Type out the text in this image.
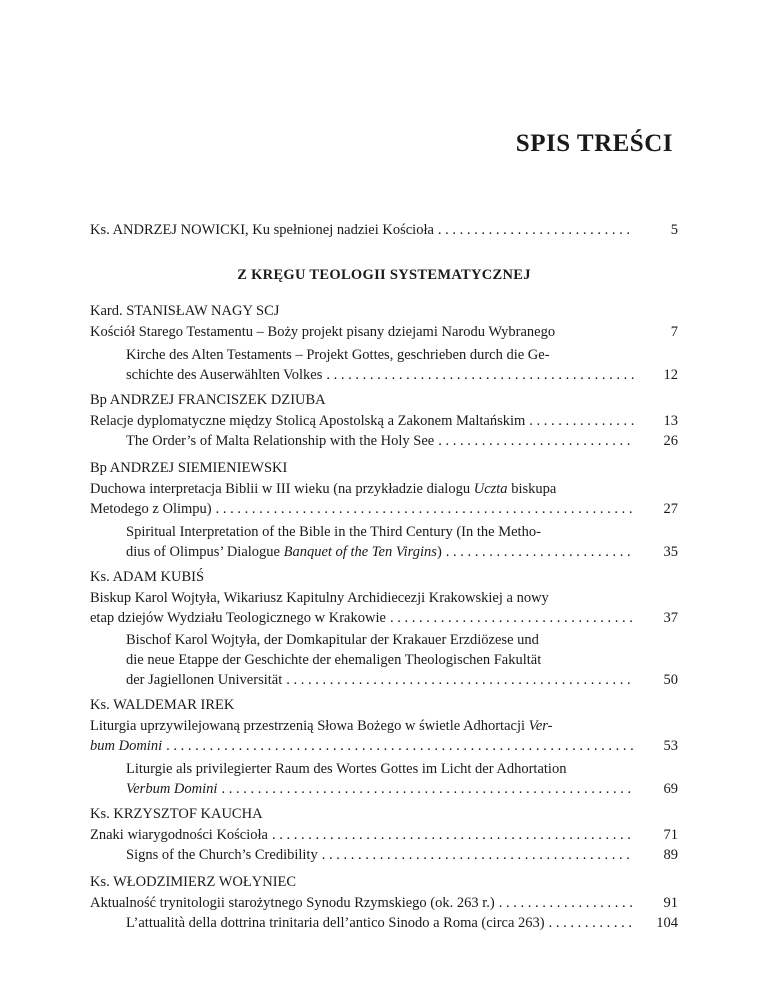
SPIS TREŚCI
Ks. ANDRZEJ NOWICKI, Ku spełnionej nadziei Kościoła . . .	5
Z KRĘGU TEOLOGII SYSTEMATYCZNEJ
Kard. STANISŁAW NAGY SCJ
Kościół Starego Testamentu – Boży projekt pisany dziejami Narodu Wybranego	7
Kirche des Alten Testaments – Projekt Gottes, geschrieben durch die Ge-
schichte des Auserwählten Volkes . . .	12
Bp ANDRZEJ FRANCISZEK DZIUBA
Relacje dyplomatyczne między Stolicą Apostolską a Zakonem Maltańskim . . .	13
The Order’s of Malta Relationship with the Holy See . . .	26
Bp ANDRZEJ SIEMIENIEWSKI
Duchowa interpretacja Biblii w III wieku (na przykładzie dialogu Uczta biskupa
Metodego z Olimpu) . . .	27
Spiritual Interpretation of the Bible in the Third Century (In the Metho-
dius of Olimpus’ Dialogue Banquet of the Ten Virgins) . . .	35
Ks. ADAM KUBIŚ
Biskup Karol Wojtyła, Wikariusz Kapitulny Archidiecezji Krakowskiej a nowy
etap dziejów Wydziału Teologicznego w Krakowie . . .	37
Bischof Karol Wojtyła, der Domkapitular der Krakauer Erzdiözese und
die neue Etappe der Geschichte der ehemaligen Theologischen Fakultät
der Jagiellonen Universität . . .	50
Ks. WALDEMAR IREK
Liturgia uprzywilejowaną przestrzenią Słowa Bożego w świetle Adhortacji Ver-
bum Domini . . .	53
Liturgie als privilegierter Raum des Wortes Gottes im Licht der Adhortation
Verbum Domini . . .	69
Ks. KRZYSZTOF KAUCHA
Znaki wiarygodności Kościoła . . .	71
Signs of the Church’s Credibility . . .	89
Ks. WŁODZIMIERZ WOŁYNIEC
Aktualność trynitologii starożytnego Synodu Rzymskiego (ok. 263 r.) . . .	91
L’attualità della dottrina trinitaria dell’antico Sinodo a Roma (circa 263) . . .	104
